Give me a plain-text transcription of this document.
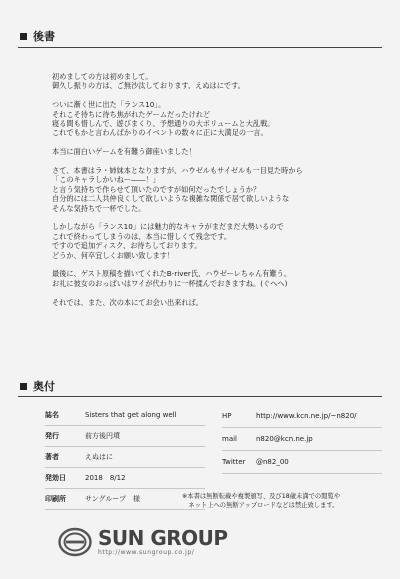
後書

初めましての方は初めまして。
御久し振りの方は、ご無沙汰しております、えぬはにです。

ついに漸く世に出た「ランス10」。
それこそ待ちに待ち焦がれたゲームだったけれど
寝る間も惜しんで、遊びまくり、予想通りの大ボリュームと大乱戦。
これでもかと言わんばかりのイベントの数々に正に大満足の一言。

本当に面白いゲームを有難う御座いました！

さて、本書はラ・姉妹本となりますが、ハウゼルもサイゼルも一目見た時から
「このキャラしかいねー――！」
と言う気持ちで作らせて頂いたのですが如何だったでしょうか？
自分的には二人共仲良くして欲しいような複雑な関係で居て欲しいような
そんな気持ちで一杯でした。

しかしながら「ランス10」には魅力的なキャラがまだまだ大勢いるので
これで終わってしまうのは、本当に惜しくて残念です。
ですので追加ディスク、お待ちしております。
どうか、何卒宜しくお願い致します！

最後に、ゲスト原稿を描いてくれたB-river氏、ハウゼーレちゃん有難う。
お礼に彼女のおっぱいはワイが代わりに一杯揉んでおきますね。(ぐへへ)

それでは、また、次の本にてお会い出来れば。

奥付
誌名	Sisters that get along well
発行	前方後円墳
著者	えぬはに
発効日	2018　8/12
印刷所	サングループ　様
HP	http://www.kcn.ne.jp/~n820/
mail	n820@kcn.ne.jp
Twitter	@n82_00
※本書は無断転載や複製頒写、及び18歳未満での閲覧や
　ネット上への無断アップロードなどは禁止致します。
SUN GROUP
http://www.sungroup.co.jp/
